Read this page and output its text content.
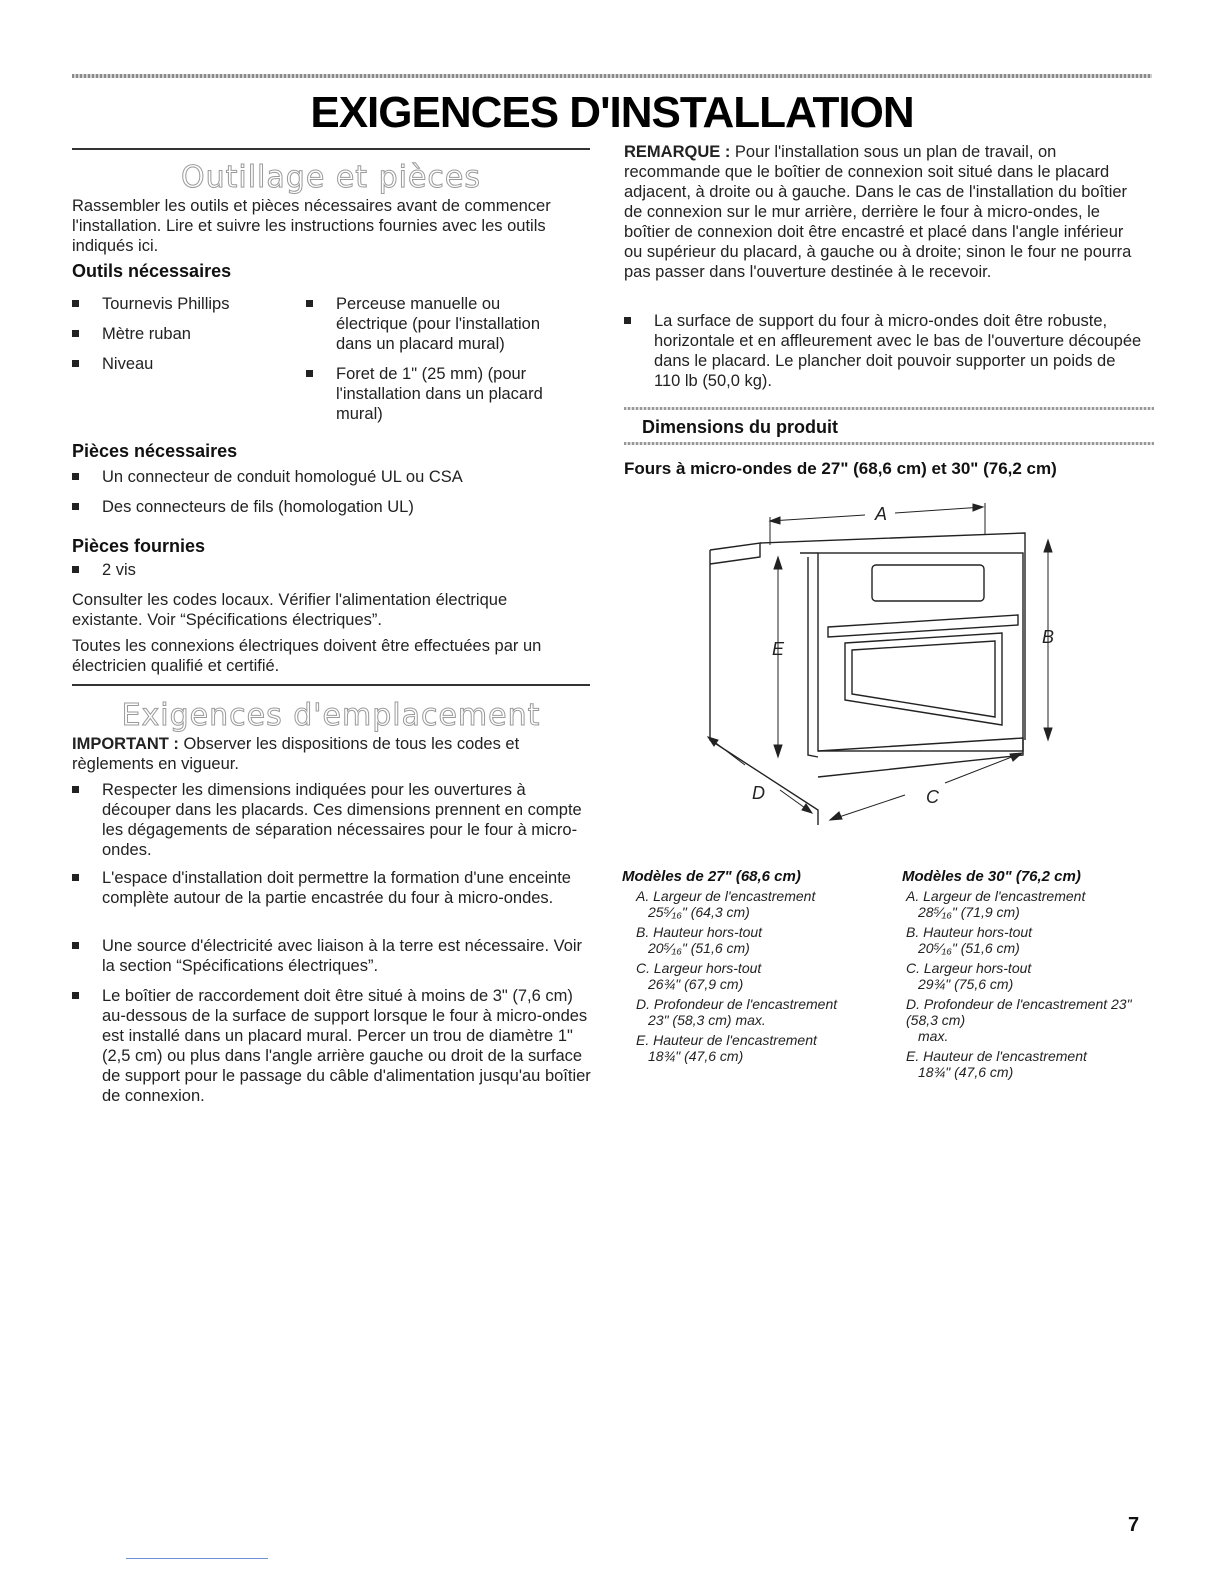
EXIGENCES D'INSTALLATION
Outillage et pièces
Rassembler les outils et pièces nécessaires avant de commencer l'installation. Lire et suivre les instructions fournies avec les outils indiqués ici.
Outils nécessaires
Tournevis Phillips
Mètre ruban
Niveau
Perceuse manuelle ou électrique (pour l'installation dans un placard mural)
Foret de 1" (25 mm) (pour l'installation dans un placard mural)
Pièces nécessaires
Un connecteur de conduit homologué UL ou CSA
Des connecteurs de fils (homologation UL)
Pièces fournies
2 vis
Consulter les codes locaux. Vérifier l'alimentation électrique existante. Voir “Spécifications électriques”.
Toutes les connexions électriques doivent être effectuées par un électricien qualifié et certifié.
Exigences d'emplacement
IMPORTANT : Observer les dispositions de tous les codes et règlements en vigueur.
Respecter les dimensions indiquées pour les ouvertures à découper dans les placards. Ces dimensions prennent en compte les dégagements de séparation nécessaires pour le four à micro-ondes.
L'espace d'installation doit permettre la formation d'une enceinte complète autour de la partie encastrée du four à micro-ondes.
Une source d'électricité avec liaison à la terre est nécessaire. Voir la section “Spécifications électriques”.
Le boîtier de raccordement doit être situé à moins de 3" (7,6 cm) au-dessous de la surface de support lorsque le four à micro-ondes est installé dans un placard mural. Percer un trou de diamètre 1" (2,5 cm) ou plus dans l'angle arrière gauche ou droit de la surface de support pour le passage du câble d'alimentation jusqu'au boîtier de connexion.
REMARQUE : Pour l'installation sous un plan de travail, on recommande que le boîtier de connexion soit situé dans le placard adjacent, à droite ou à gauche. Dans le cas de l'installation du boîtier de connexion sur le mur arrière, derrière le four à micro-ondes, le boîtier de connexion doit être encastré et placé dans l'angle inférieur ou supérieur du placard, à gauche ou à droite; sinon le four ne pourra pas passer dans l'ouverture destinée à le recevoir.
La surface de support du four à micro-ondes doit être robuste, horizontale et en affleurement avec le bas de l'ouverture découpée dans le placard. Le plancher doit pouvoir supporter un poids de 110 lb (50,0 kg).
Dimensions du produit
Fours à micro-ondes de 27" (68,6 cm) et 30" (76,2 cm)
A
B
C
D
E
Modèles de 27" (68,6 cm)
A. Largeur de l'encastrement
25⁵⁄₁₆" (64,3 cm)
B. Hauteur hors-tout
20⁵⁄₁₆" (51,6 cm)
C. Largeur hors-tout
26¾" (67,9 cm)
D. Profondeur de l'encastrement
23" (58,3 cm) max.
E. Hauteur de l'encastrement
18¾" (47,6 cm)
Modèles de 30" (76,2 cm)
A. Largeur de l'encastrement
28⁵⁄₁₆" (71,9 cm)
B. Hauteur hors-tout
20⁵⁄₁₆" (51,6 cm)
C. Largeur hors-tout
29¾" (75,6 cm)
D. Profondeur de l'encastrement 23" (58,3 cm)
max.
E. Hauteur de l'encastrement
18¾" (47,6 cm)
7
